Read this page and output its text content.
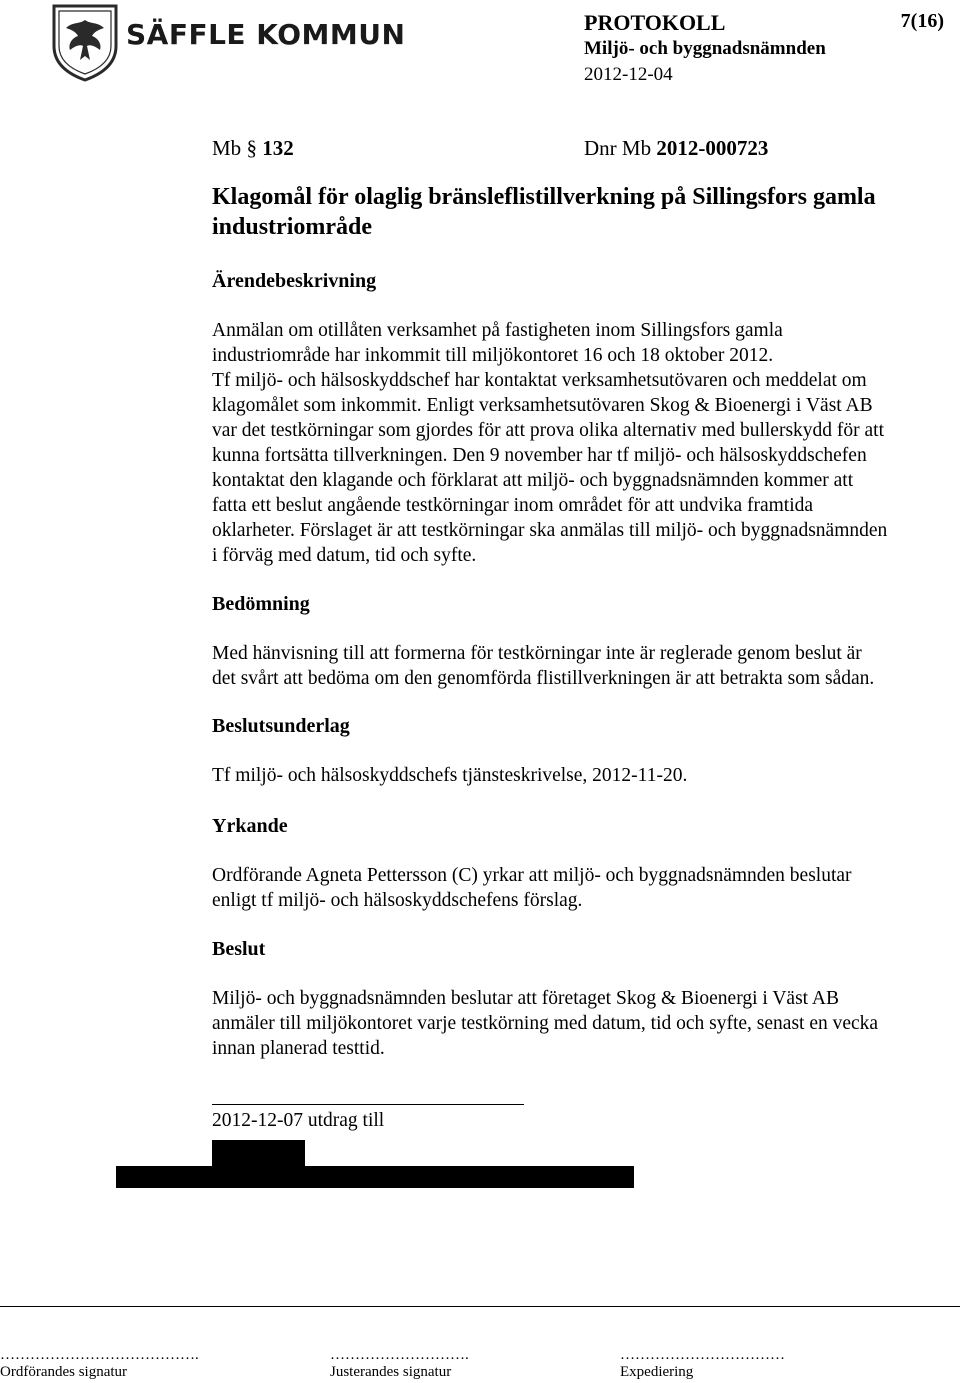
SÄFFLE KOMMUN	PROTOKOLL
Miljö- och byggnadsnämnden
2012-12-04
7(16)
Mb § 132	Dnr Mb 2012-000723
Klagomål för olaglig bränsleflistillverkning på Sillingsfors gamla industriområde
Ärendebeskrivning
Anmälan om otillåten verksamhet på fastigheten inom Sillingsfors gamla
industriområde har inkommit till miljökontoret 16 och 18 oktober 2012.
Tf miljö- och hälsoskyddschef har kontaktat verksamhetsutövaren och meddelat om
klagomålet som inkommit. Enligt verksamhetsutövaren Skog & Bioenergi i Väst AB
var det testkörningar som gjordes för att prova olika alternativ med bullerskydd för att
kunna fortsätta tillverkningen. Den 9 november har tf miljö- och hälsoskyddschefen
kontaktat den klagande och förklarat att miljö- och byggnadsnämnden kommer att
fatta ett beslut angående testkörningar inom området för att undvika framtida
oklarheter. Förslaget är att testkörningar ska anmälas till miljö- och byggnadsnämnden
i förväg med datum, tid och syfte.
Bedömning
Med hänvisning till att formerna för testkörningar inte är reglerade genom beslut är
det svårt att bedöma om den genomförda flistillverkningen är att betrakta som sådan.
Beslutsunderlag
Tf miljö- och hälsoskyddschefs tjänsteskrivelse, 2012-11-20.
Yrkande
Ordförande Agneta Pettersson (C) yrkar att miljö- och byggnadsnämnden beslutar
enligt tf miljö- och hälsoskyddschefens förslag.
Beslut
Miljö- och byggnadsnämnden beslutar att företaget Skog & Bioenergi i Väst AB
anmäler till miljökontoret varje testkörning med datum, tid och syfte, senast en vecka
innan planerad testtid.
2012-12-07 utdrag till
………………………………….	……………………….	……………………………
Ordförandes signatur	Justerandes signatur	Expediering
